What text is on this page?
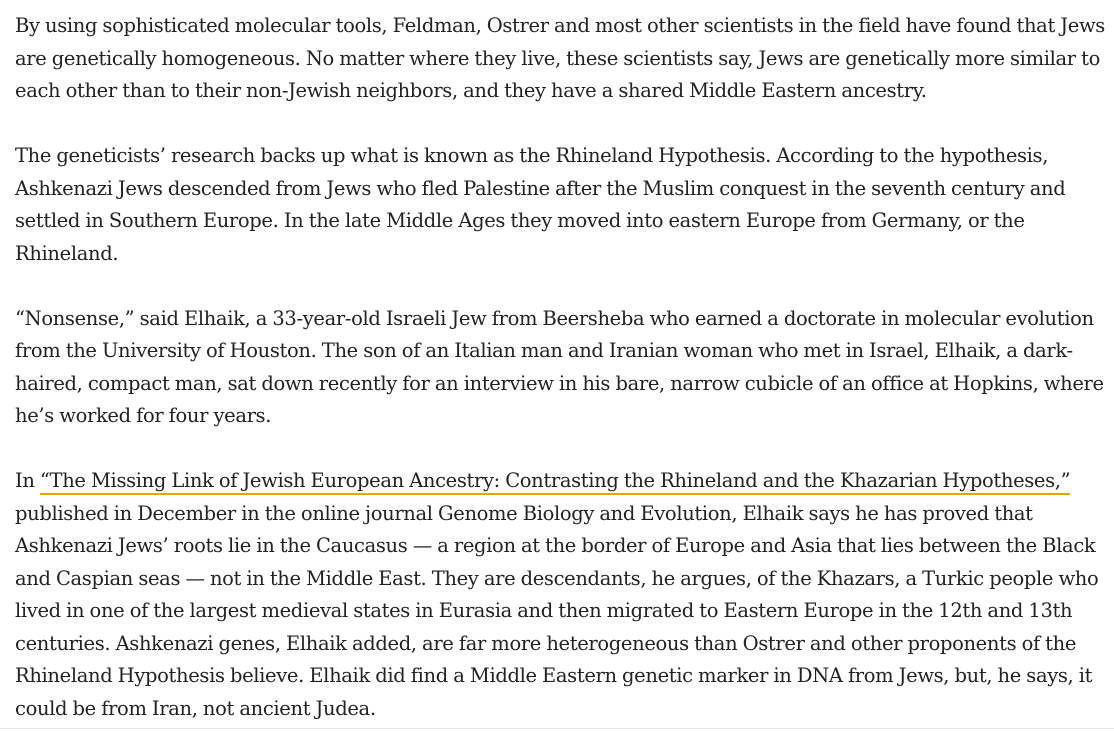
By using sophisticated molecular tools, Feldman, Ostrer and most other scientists in the field have found that Jews are genetically homogeneous. No matter where they live, these scientists say, Jews are genetically more similar to each other than to their non-Jewish neighbors, and they have a shared Middle Eastern ancestry.

The geneticists’ research backs up what is known as the Rhineland Hypothesis. According to the hypothesis, Ashkenazi Jews descended from Jews who fled Palestine after the Muslim conquest in the seventh century and settled in Southern Europe. In the late Middle Ages they moved into eastern Europe from Germany, or the Rhineland.

“Nonsense,” said Elhaik, a 33-year-old Israeli Jew from Beersheba who earned a doctorate in molecular evolution from the University of Houston. The son of an Italian man and Iranian woman who met in Israel, Elhaik, a dark-haired, compact man, sat down recently for an interview in his bare, narrow cubicle of an office at Hopkins, where he’s worked for four years.

In “The Missing Link of Jewish European Ancestry: Contrasting the Rhineland and the Khazarian Hypotheses,” published in December in the online journal Genome Biology and Evolution, Elhaik says he has proved that Ashkenazi Jews’ roots lie in the Caucasus — a region at the border of Europe and Asia that lies between the Black and Caspian seas — not in the Middle East. They are descendants, he argues, of the Khazars, a Turkic people who lived in one of the largest medieval states in Eurasia and then migrated to Eastern Europe in the 12th and 13th centuries. Ashkenazi genes, Elhaik added, are far more heterogeneous than Ostrer and other proponents of the Rhineland Hypothesis believe. Elhaik did find a Middle Eastern genetic marker in DNA from Jews, but, he says, it could be from Iran, not ancient Judea.
